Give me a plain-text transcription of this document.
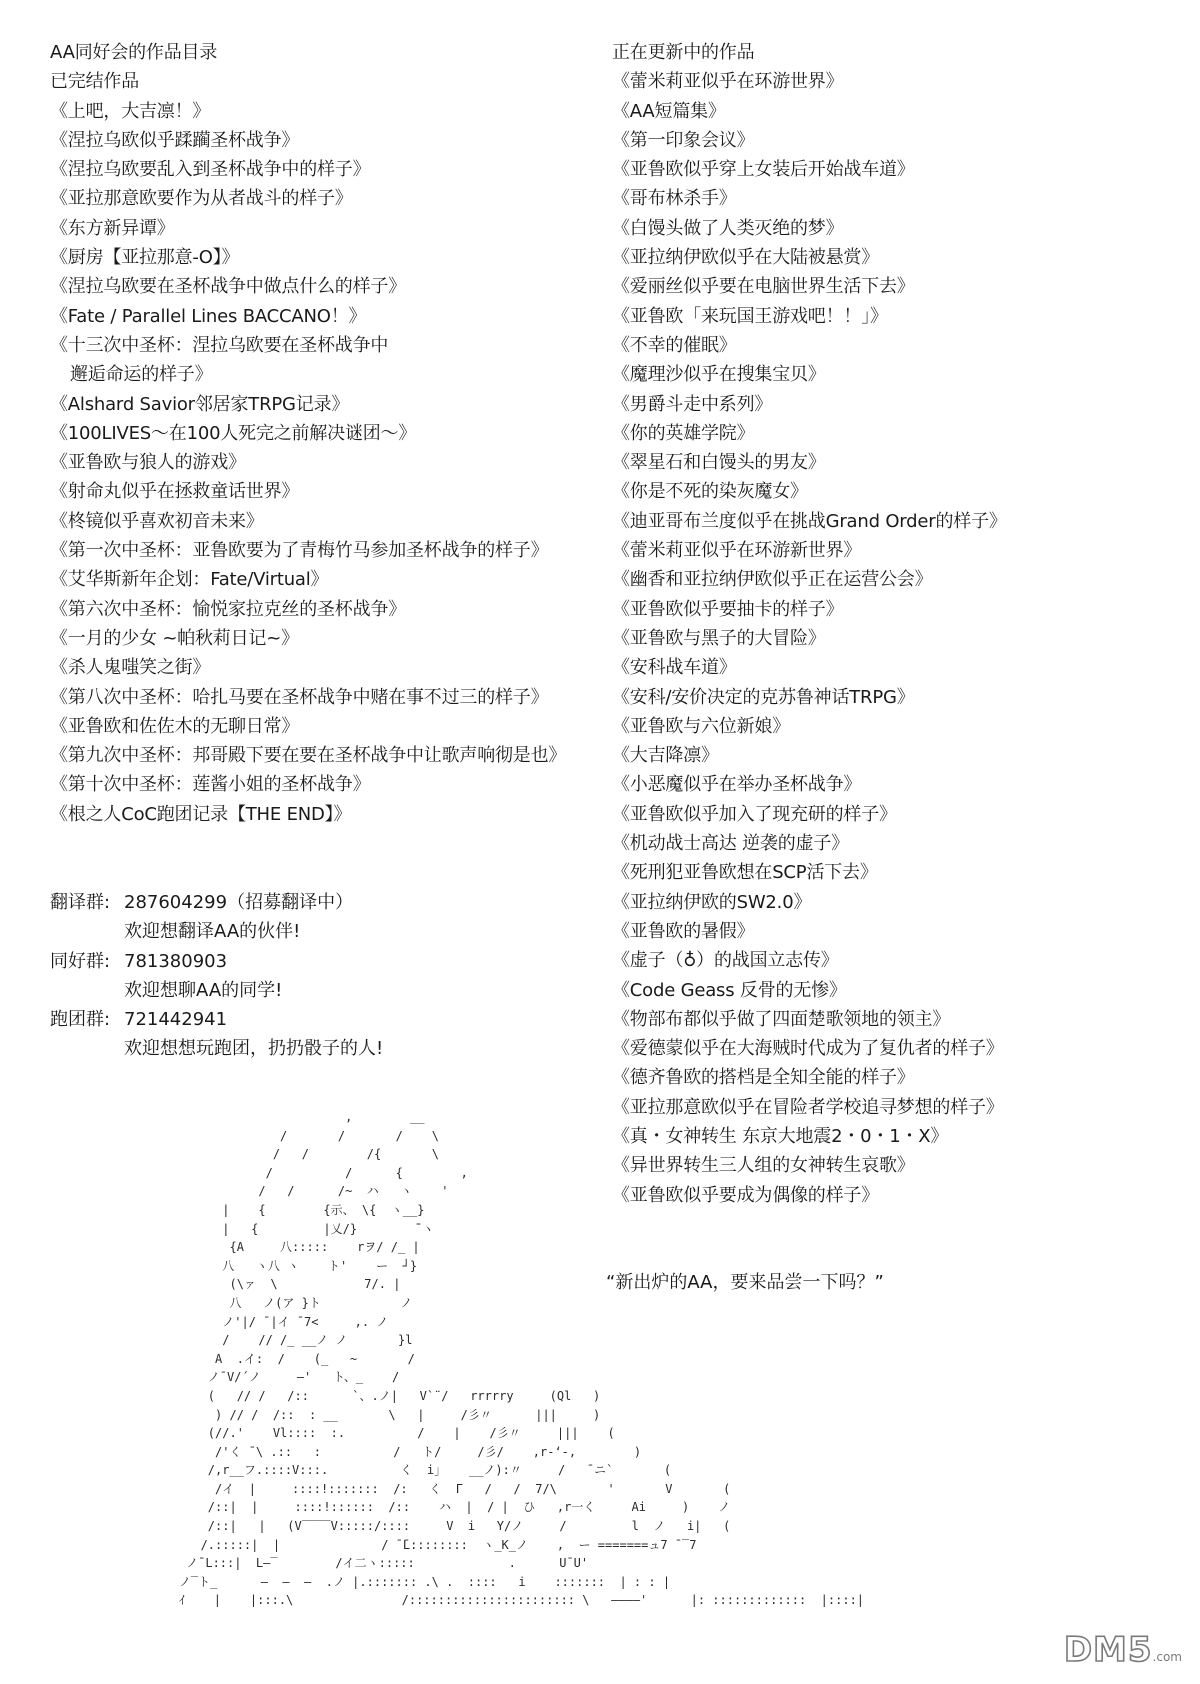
AA同好会的作品目录
已完结作品
《上吧，大吉凛！》
《涅拉乌欧似乎蹂躏圣杯战争》
《涅拉乌欧要乱入到圣杯战争中的样子》
《亚拉那意欧要作为从者战斗的样子》
《东方新异谭》
《厨房【亚拉那意-O】》
《涅拉乌欧要在圣杯战争中做点什么的样子》
《Fate / Parallel Lines BACCANO！》
《十三次中圣杯：涅拉乌欧要在圣杯战争中
邂逅命运的样子》
《Alshard Savior邻居家TRPG记录》
《100LIVES～在100人死完之前解决谜团～》
《亚鲁欧与狼人的游戏》
《射命丸似乎在拯救童话世界》
《柊镜似乎喜欢初音未来》
《第一次中圣杯：亚鲁欧要为了青梅竹马参加圣杯战争的样子》
《艾华斯新年企划：Fate/Virtual》
《第六次中圣杯：愉悦家拉克丝的圣杯战争》
《一月的少女 ~帕秋莉日记~》
《杀人鬼嗤笑之街》
《第八次中圣杯：哈扎马要在圣杯战争中赌在事不过三的样子》
《亚鲁欧和佐佐木的无聊日常》
《第九次中圣杯：邦哥殿下要在要在圣杯战争中让歌声响彻是也》
《第十次中圣杯：莲酱小姐的圣杯战争》
《根之人CoC跑团记录【THE END】》
翻译群: 287604299（招募翻译中）
欢迎想翻译AA的伙伴!
同好群: 781380903
欢迎想聊AA的同学!
跑团群: 721442941
欢迎想想玩跑团，扔扔骰子的人!
正在更新中的作品
《蕾米莉亚似乎在环游世界》
《AA短篇集》
《第一印象会议》
《亚鲁欧似乎穿上女装后开始战车道》
《哥布林杀手》
《白馒头做了人类灭绝的梦》
《亚拉纳伊欧似乎在大陆被悬赏》
《爱丽丝似乎要在电脑世界生活下去》
《亚鲁欧「来玩国王游戏吧！！」》
《不幸的催眠》
《魔理沙似乎在搜集宝贝》
《男爵斗走中系列》
《你的英雄学院》
《翠星石和白馒头的男友》
《你是不死的染灰魔女》
《迪亚哥布兰度似乎在挑战Grand Order的样子》
《蕾米莉亚似乎在环游新世界》
《幽香和亚拉纳伊欧似乎正在运营公会》
《亚鲁欧似乎要抽卡的样子》
《亚鲁欧与黑子的大冒险》
《安科战车道》
《安科/安价决定的克苏鲁神话TRPG》
《亚鲁欧与六位新娘》
《大吉降凛》
《小恶魔似乎在举办圣杯战争》
《亚鲁欧似乎加入了现充研的样子》
《机动战士高达 逆袭的虚子》
《死刑犯亚鲁欧想在SCP活下去》
《亚拉纳伊欧的SW2.0》
《亚鲁欧的暑假》
《虚子（♁）的战国立志传》
《Code Geass 反骨的无惨》
《物部布都似乎做了四面楚歌领地的领主》
《爱德蒙似乎在大海贼时代成为了复仇者的样子》
《德齐鲁欧的搭档是全知全能的样子》
《亚拉那意欧似乎在冒险者学校追寻梦想的样子》
《真・女神转生 东京大地震2・0・1・X》
《异世界转生三人组的女神转生哀歌》
《亚鲁欧似乎要成为偶像的样子》
“新出炉的AA，要来品尝一下吗？”
,        __
/       /       /    \
/   /        /{       \
/          /      {        ,
/   /      /~  ハ   ヽ    '
|    {        {示、 \{  ヽ__}
|   {         |乂/}        ̄¯ヽ
{A     八:::::    rヲ/ /_ |
八   ヽ八 ヽ    ト'    ー  ┘}
(\ァ  \            7/. |
八   ノ(ア }ト           ノ
ノ'|/ ̄ |イ ¯7<     ,. ノ
/    // /_ __ノ ノ       }l
A  .イ:  /    (_   ~       /
ノ¯V/´ノ     ―'   ト、_    /
(   // /   /::      `、.ノ|   V`¨/   rrrrry     (Ql   )
) // /  /::  : __       \   |     /彡〃      |||     )
(//.'    Vl::::  :.          /    |    /彡〃     |||    (
/'く ¯\ .::   :          /   ト/     /彡/    ,r-‘-,        )
/,r__フ.::::V:::.          く  i｣    __ノ):〃     /   ¯ニ`       (
/イ  |     ::::!:::::::  /:   く  Г   /   /  7/\       '       V       (
/::|  |     ::::!::::::  /::    ハ  |  / |  ひ   ,r一く     Ai     )    ノ
/::|   |   (V‾‾‾‾V:::::/::::     V  i   Y/ノ     /         l  ノ   i|   (
/.:::::|  |              / ̄ ̄L::::::::  ヽ_K_ノ    ,  ー =======ュ7 ¯‾7
ノ¯L:::|  L―‾        /イ二ヽ:::::             .      U¯U'
ノ‾ト_      ―  ―  ―  .ノ |.::::::: .\ .  ::::   i    :::::::  | : : |
ｲ    |    |:::.\               /::::::::::::::::::::::: \   ――――'      |: :::::::::::::  |::::|

DM5.com
